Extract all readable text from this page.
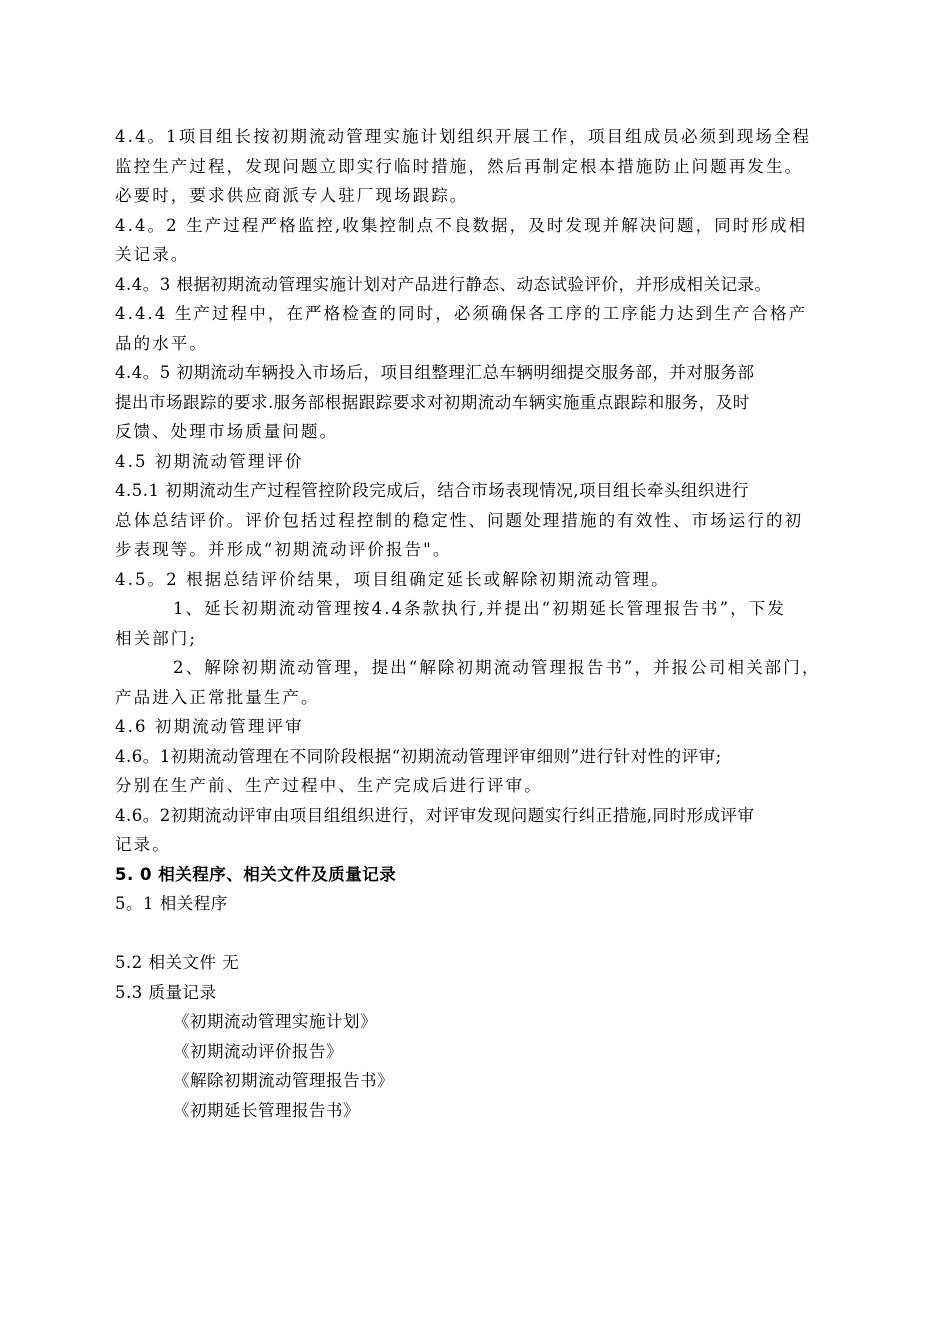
4.4。1项目组长按初期流动管理实施计划组织开展工作，项目组成员必须到现场全程
监控生产过程，发现问题立即实行临时措施，然后再制定根本措施防止问题再发生。
必要时，要求供应商派专人驻厂现场跟踪。
4.4。2 生产过程严格监控,收集控制点不良数据，及时发现并解决问题，同时形成相
关记录。
4.4。3 根据初期流动管理实施计划对产品进行静态、动态试验评价，并形成相关记录。
4.4.4 生产过程中，在严格检查的同时，必须确保各工序的工序能力达到生产合格产
品的水平。
4.4。5 初期流动车辆投入市场后，项目组整理汇总车辆明细提交服务部，并对服务部
提出市场跟踪的要求.服务部根据跟踪要求对初期流动车辆实施重点跟踪和服务，及时
反馈、处理市场质量问题。
4.5 初期流动管理评价
4.5.1 初期流动生产过程管控阶段完成后，结合市场表现情况,项目组长牵头组织进行
总体总结评价。评价包括过程控制的稳定性、问题处理措施的有效性、市场运行的初
步表现等。并形成“初期流动评价报告"。
4.5。2 根据总结评价结果，项目组确定延长或解除初期流动管理。
1、延长初期流动管理按4.4条款执行,并提出“初期延长管理报告书”，下发
相关部门;
2、解除初期流动管理，提出“解除初期流动管理报告书”，并报公司相关部门，
产品进入正常批量生产。
4.6 初期流动管理评审
4.6。1初期流动管理在不同阶段根据“初期流动管理评审细则”进行针对性的评审;
分别在生产前、生产过程中、生产完成后进行评审。
4.6。2初期流动评审由项目组组织进行，对评审发现问题实行纠正措施,同时形成评审
记录。
5. 0 相关程序、相关文件及质量记录
5。1 相关程序
5.2 相关文件 无
5.3 质量记录
《初期流动管理实施计划》
《初期流动评价报告》
《解除初期流动管理报告书》
《初期延长管理报告书》
